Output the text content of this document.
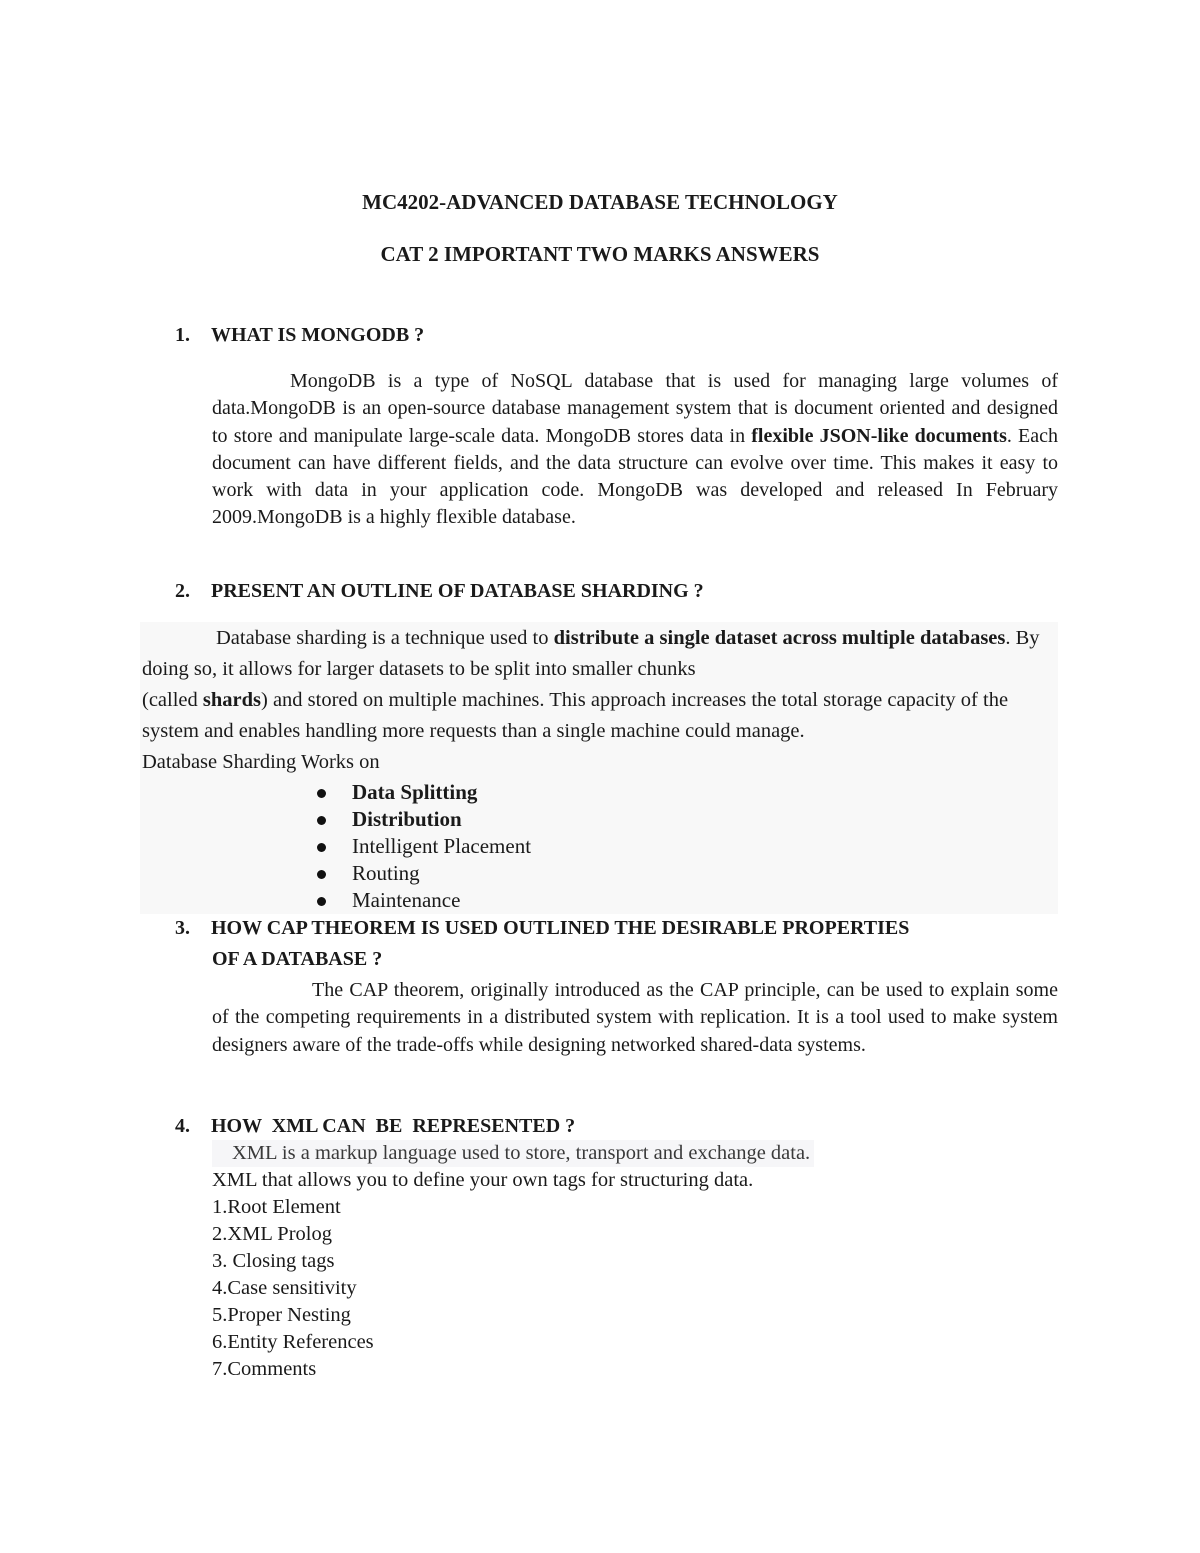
MC4202-ADVANCED DATABASE TECHNOLOGY
CAT 2 IMPORTANT TWO MARKS ANSWERS
1. WHAT IS MONGODB ?
MongoDB is a type of NoSQL database that is used for managing large volumes of data.MongoDB is an open-source database management system that is document oriented and designed to store and manipulate large-scale data. MongoDB stores data in flexible JSON-like documents. Each document can have different fields, and the data structure can evolve over time. This makes it easy to work with data in your application code. MongoDB was developed and released In February 2009.MongoDB is a highly flexible database.
2. PRESENT AN OUTLINE OF DATABASE SHARDING ?
Database sharding is a technique used to distribute a single dataset across multiple databases. By doing so, it allows for larger datasets to be split into smaller chunks
(called shards) and stored on multiple machines. This approach increases the total storage capacity of the system and enables handling more requests than a single machine could manage.
Database Sharding Works on
Data Splitting
Distribution
Intelligent Placement
Routing
Maintenance
3. HOW CAP THEOREM IS USED OUTLINED THE DESIRABLE PROPERTIES
OF A DATABASE ?
The CAP theorem, originally introduced as the CAP principle, can be used to explain some of the competing requirements in a distributed system with replication. It is a tool used to make system designers aware of the trade-offs while designing networked shared-data systems.
4. HOW  XML CAN  BE  REPRESENTED ?
XML is a markup language used to store, transport and exchange data.
XML that allows you to define your own tags for structuring data.
1.Root Element
2.XML Prolog
3. Closing tags
4.Case sensitivity
5.Proper Nesting
6.Entity References
7.Comments
